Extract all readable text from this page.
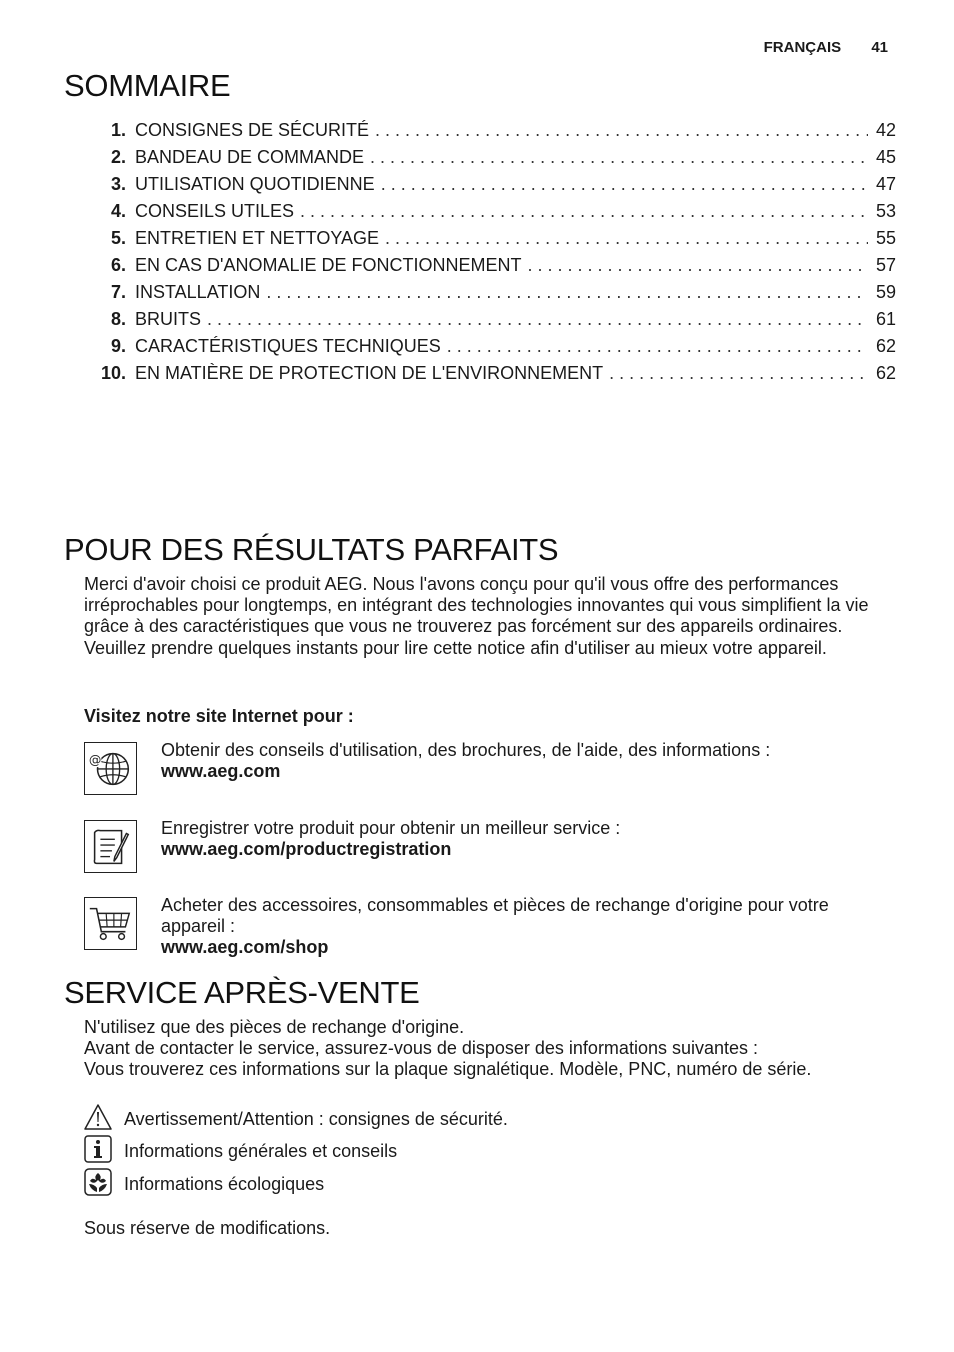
FRANÇAIS 41
SOMMAIRE
1. CONSIGNES DE SÉCURITÉ . . .	42
2. BANDEAU DE COMMANDE . . .	45
3. UTILISATION QUOTIDIENNE . . .	47
4. CONSEILS UTILES . . .	53
5. ENTRETIEN ET NETTOYAGE . . .	55
6. EN CAS D'ANOMALIE DE FONCTIONNEMENT . . .	57
7. INSTALLATION . . .	59
8. BRUITS . . .	61
9. CARACTÉRISTIQUES TECHNIQUES . . .	62
10. EN MATIÈRE DE PROTECTION DE L'ENVIRONNEMENT . . .	62
POUR DES RÉSULTATS PARFAITS

Merci d'avoir choisi ce produit AEG. Nous l'avons conçu pour qu'il vous offre des performances irréprochables pour longtemps, en intégrant des technologies innovantes qui vous simplifient la vie grâce à des caractéristiques que vous ne trouverez pas forcément sur des appareils ordinaires. Veuillez prendre quelques instants pour lire cette notice afin d'utiliser au mieux votre appareil.

Visitez notre site Internet pour :

@	Obtenir des conseils d'utilisation, des brochures, de l'aide, des informations :
www.aeg.com
Enregistrer votre produit pour obtenir un meilleur service :
www.aeg.com/productregistration
Acheter des accessoires, consommables et pièces de rechange d'origine pour votre appareil :
www.aeg.com/shop
SERVICE APRÈS-VENTE
N'utilisez que des pièces de rechange d'origine.
Avant de contacter le service, assurez-vous de disposer des informations suivantes :
Vous trouverez ces informations sur la plaque signalétique. Modèle, PNC, numéro de série.
Avertissement/Attention : consignes de sécurité.
Informations générales et conseils
Informations écologiques

Sous réserve de modifications.
